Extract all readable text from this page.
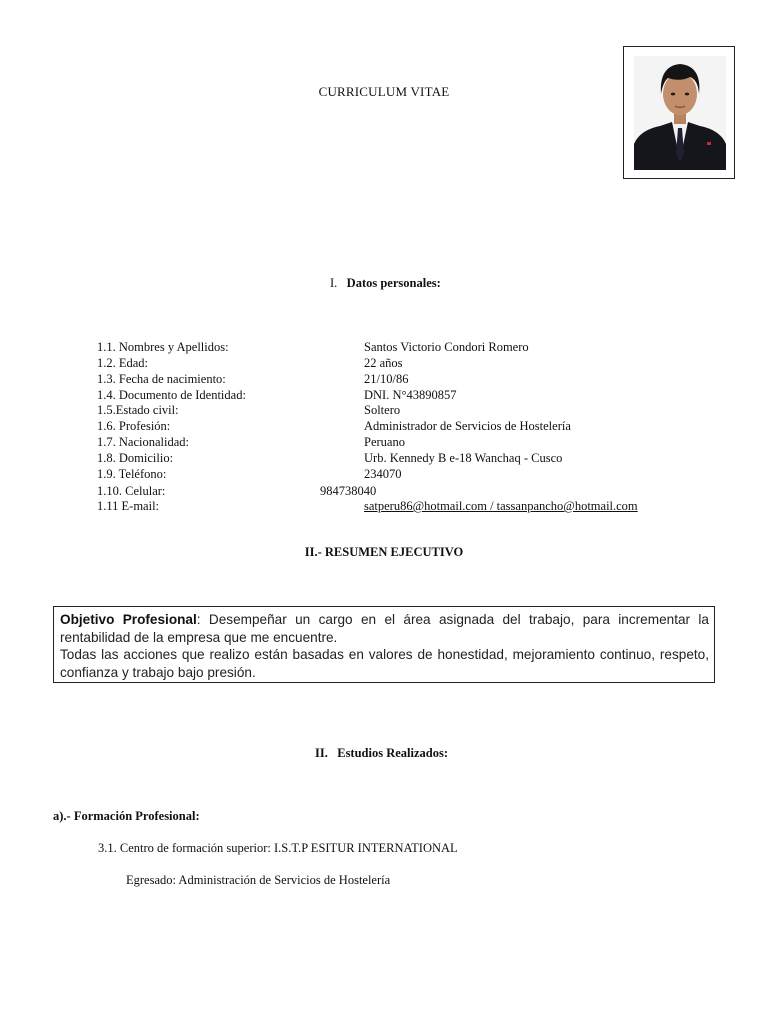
CURRICULUM VITAE
I. Datos personales:
1.1. Nombres y Apellidos:	Santos Victorio Condori Romero
1.2. Edad:	22 años
1.3. Fecha de nacimiento:	21/10/86
1.4. Documento de Identidad:	DNI. N°43890857
1.5.Estado civil:	Soltero
1.6. Profesión:	Administrador de Servicios de Hostelería
1.7. Nacionalidad:	Peruano
1.8. Domicilio:	Urb. Kennedy B e-18 Wanchaq - Cusco
1.9. Teléfono:	234070
1.10. Celular:	984738040
1.11 E-mail:	satperu86@hotmail.com / tassanpancho@hotmail.com
II.- RESUMEN EJECUTIVO
Objetivo Profesional: Desempeñar un cargo en el área asignada del trabajo, para incrementar la rentabilidad de la empresa que me encuentre.
Todas las acciones que realizo están basadas en valores de honestidad, mejoramiento continuo, respeto, confianza y trabajo bajo presión.
II. Estudios Realizados:
a).- Formación Profesional:
3.1. Centro de formación superior: I.S.T.P ESITUR INTERNATIONAL
Egresado: Administración de Servicios de Hostelería
